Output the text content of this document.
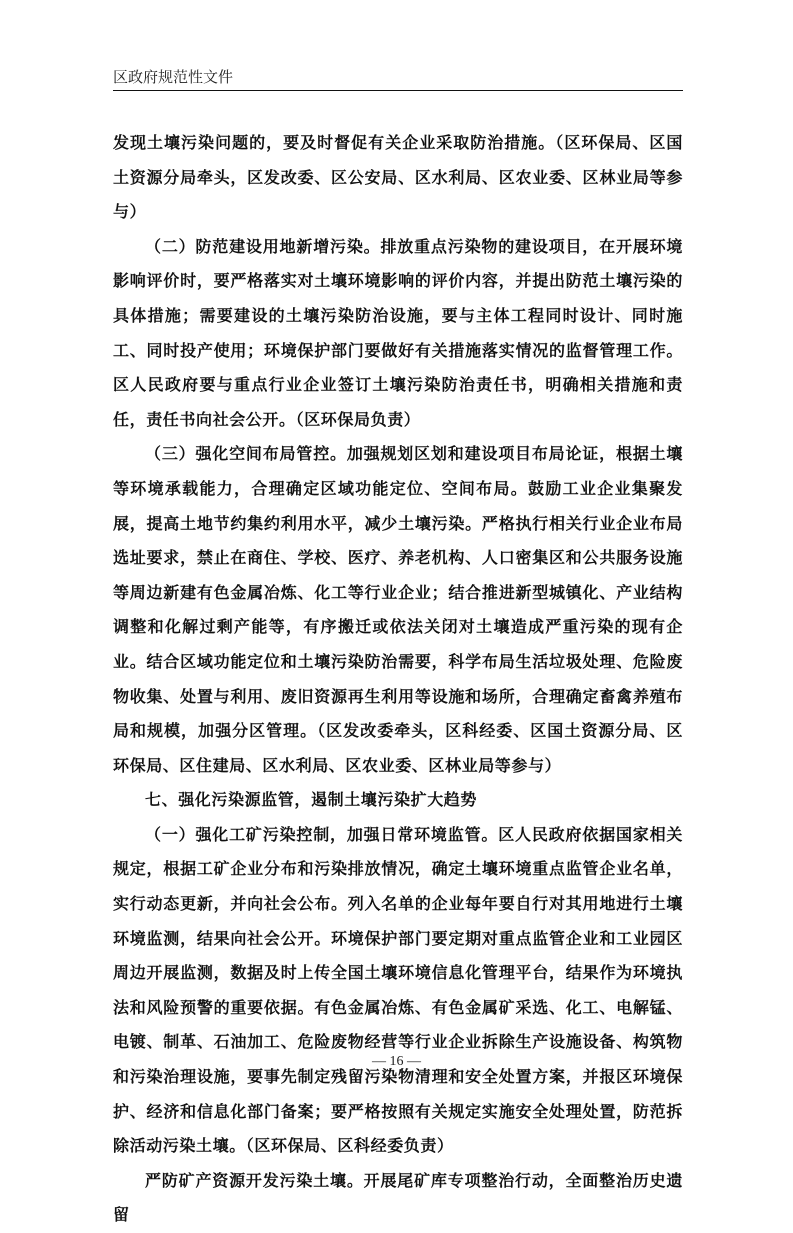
区政府规范性文件

发现土壤污染问题的，要及时督促有关企业采取防治措施。（区环保局、区国土资源分局牵头，区发改委、区公安局、区水利局、区农业委、区林业局等参与）

（二）防范建设用地新增污染。排放重点污染物的建设项目，在开展环境影响评价时，要严格落实对土壤环境影响的评价内容，并提出防范土壤污染的具体措施；需要建设的土壤污染防治设施，要与主体工程同时设计、同时施工、同时投产使用；环境保护部门要做好有关措施落实情况的监督管理工作。区人民政府要与重点行业企业签订土壤污染防治责任书，明确相关措施和责任，责任书向社会公开。（区环保局负责）

（三）强化空间布局管控。加强规划区划和建设项目布局论证，根据土壤等环境承载能力，合理确定区域功能定位、空间布局。鼓励工业企业集聚发展，提高土地节约集约利用水平，减少土壤污染。严格执行相关行业企业布局选址要求，禁止在商住、学校、医疗、养老机构、人口密集区和公共服务设施等周边新建有色金属冶炼、化工等行业企业；结合推进新型城镇化、产业结构调整和化解过剩产能等，有序搬迁或依法关闭对土壤造成严重污染的现有企业。结合区域功能定位和土壤污染防治需要，科学布局生活垃圾处理、危险废物收集、处置与利用、废旧资源再生利用等设施和场所，合理确定畜禽养殖布局和规模，加强分区管理。（区发改委牵头，区科经委、区国土资源分局、区环保局、区住建局、区水利局、区农业委、区林业局等参与）

七、强化污染源监管，遏制土壤污染扩大趋势

（一）强化工矿污染控制，加强日常环境监管。区人民政府依据国家相关规定，根据工矿企业分布和污染排放情况，确定土壤环境重点监管企业名单，实行动态更新，并向社会公布。列入名单的企业每年要自行对其用地进行土壤环境监测，结果向社会公开。环境保护部门要定期对重点监管企业和工业园区周边开展监测，数据及时上传全国土壤环境信息化管理平台，结果作为环境执法和风险预警的重要依据。有色金属冶炼、有色金属矿采选、化工、电解锰、电镀、制革、石油加工、危险废物经营等行业企业拆除生产设施设备、构筑物和污染治理设施，要事先制定残留污染物清理和安全处置方案，并报区环境保护、经济和信息化部门备案；要严格按照有关规定实施安全处理处置，防范拆除活动污染土壤。（区环保局、区科经委负责）

严防矿产资源开发污染土壤。开展尾矿库专项整治行动，全面整治历史遗留

— 16 —
